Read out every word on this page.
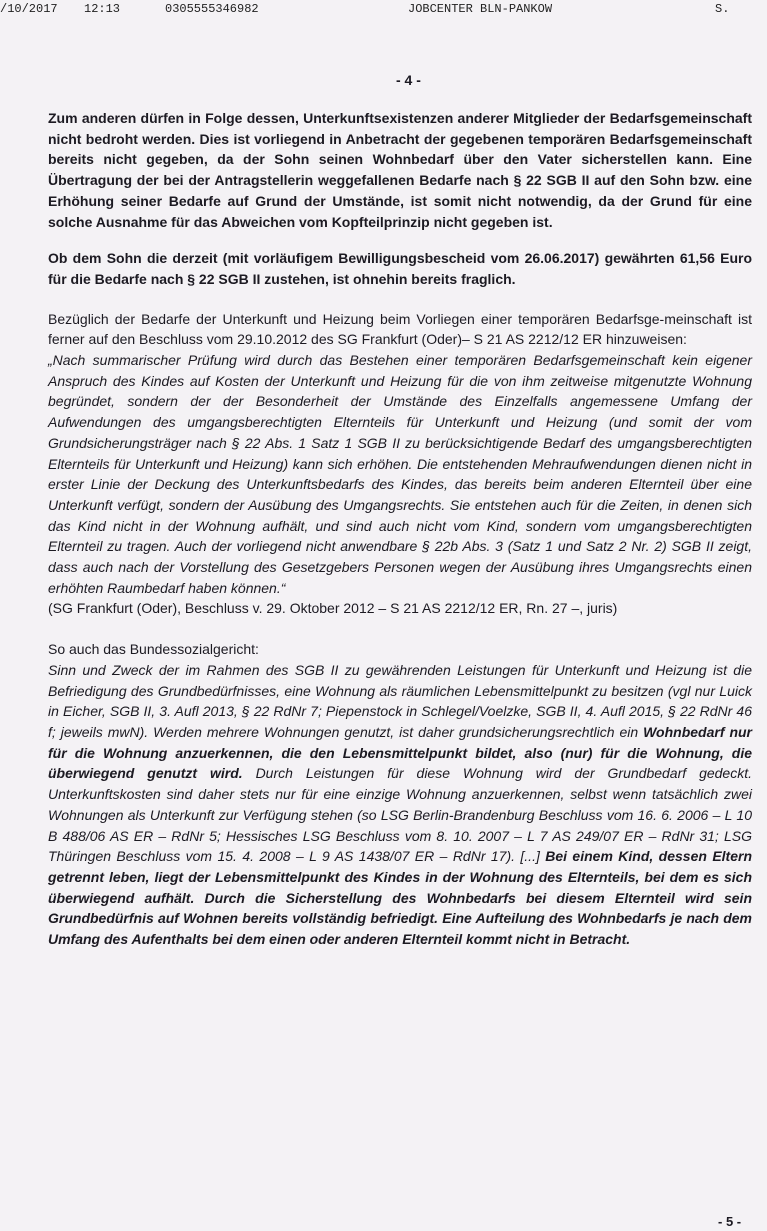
/10/2017 12:13	0305555346982	JOBCENTER BLN-PANKOW	S.
- 4 -

Zum anderen dürfen in Folge dessen, Unterkunftsexistenzen anderer Mitglieder der Bedarfsgemeinschaft nicht bedroht werden. Dies ist vorliegend in Anbetracht der gegebenen temporären Bedarfsgemeinschaft bereits nicht gegeben, da der Sohn seinen Wohnbedarf über den Vater sicherstellen kann. Eine Übertragung der bei der Antragstellerin weggefallenen Bedarfe nach § 22 SGB II auf den Sohn bzw. eine Erhöhung seiner Bedarfe auf Grund der Umstände, ist somit nicht notwendig, da der Grund für eine solche Ausnahme für das Abweichen vom Kopfteilprinzip nicht gegeben ist.

Ob dem Sohn die derzeit (mit vorläufigem Bewilligungsbescheid vom 26.06.2017) gewährten 61,56 Euro für die Bedarfe nach § 22 SGB II zustehen, ist ohnehin bereits fraglich.

Bezüglich der Bedarfe der Unterkunft und Heizung beim Vorliegen einer temporären Bedarfsge-meinschaft ist ferner auf den Beschluss vom 29.10.2012 des SG Frankfurt (Oder)– S 21 AS 2212/12 ER hinzuweisen:

„Nach summarischer Prüfung wird durch das Bestehen einer temporären Bedarfsgemeinschaft kein eigener Anspruch des Kindes auf Kosten der Unterkunft und Heizung für die von ihm zeitweise mitgenutzte Wohnung begründet, sondern der der Besonderheit der Umstände des Einzelfalls angemessene Umfang der Aufwendungen des umgangsberechtigten Elternteils für Unterkunft und Heizung (und somit der vom Grundsicherungsträger nach § 22 Abs. 1 Satz 1 SGB II zu berücksichtigende Bedarf des umgangsberechtigten Elternteils für Unterkunft und Heizung) kann sich erhöhen. Die entstehenden Mehraufwendungen dienen nicht in erster Linie der Deckung des Unterkunftsbedarfs des Kindes, das bereits beim anderen Elternteil über eine Unterkunft verfügt, sondern der Ausübung des Umgangsrechts. Sie entstehen auch für die Zeiten, in denen sich das Kind nicht in der Wohnung aufhält, und sind auch nicht vom Kind, sondern vom umgangsberechtigten Elternteil zu tragen. Auch der vorliegend nicht anwendbare § 22b Abs. 3 (Satz 1 und Satz 2 Nr. 2) SGB II zeigt, dass auch nach der Vorstellung des Gesetzgebers Personen wegen der Ausübung ihres Umgangsrechts einen erhöhten Raumbedarf haben können.“

(SG Frankfurt (Oder), Beschluss v. 29. Oktober 2012 – S 21 AS 2212/12 ER, Rn. 27 –, juris)

So auch das Bundessozialgericht:

Sinn und Zweck der im Rahmen des SGB II zu gewährenden Leistungen für Unterkunft und Heizung ist die Befriedigung des Grundbedürfnisses, eine Wohnung als räumlichen Lebensmittelpunkt zu besitzen (vgl nur Luick in Eicher, SGB II, 3. Aufl 2013, § 22 RdNr 7; Piepenstock in Schlegel/Voelzke, SGB II, 4. Aufl 2015, § 22 RdNr 46 f; jeweils mwN). Werden mehrere Wohnungen genutzt, ist daher grundsicherungsrechtlich ein Wohnbedarf nur für die Wohnung anzuerkennen, die den Lebensmittelpunkt bildet, also (nur) für die Wohnung, die überwiegend genutzt wird. Durch Leistungen für diese Wohnung wird der Grundbedarf gedeckt. Unterkunftskosten sind daher stets nur für eine einzige Wohnung anzuerkennen, selbst wenn tatsächlich zwei Wohnungen als Unterkunft zur Verfügung stehen (so LSG Berlin-Brandenburg Beschluss vom 16. 6. 2006 – L 10 B 488/06 AS ER – RdNr 5; Hessisches LSG Beschluss vom 8. 10. 2007 – L 7 AS 249/07 ER – RdNr 31; LSG Thüringen Beschluss vom 15. 4. 2008 – L 9 AS 1438/07 ER – RdNr 17). [...] Bei einem Kind, dessen Eltern getrennt leben, liegt der Lebensmittelpunkt des Kindes in der Wohnung des Elternteils, bei dem es sich überwiegend aufhält. Durch die Sicherstellung des Wohnbedarfs bei diesem Elternteil wird sein Grundbedürfnis auf Wohnen bereits vollständig befriedigt. Eine Aufteilung des Wohnbedarfs je nach dem Umfang des Aufenthalts bei dem einen oder anderen Elternteil kommt nicht in Betracht.

- 5 -
